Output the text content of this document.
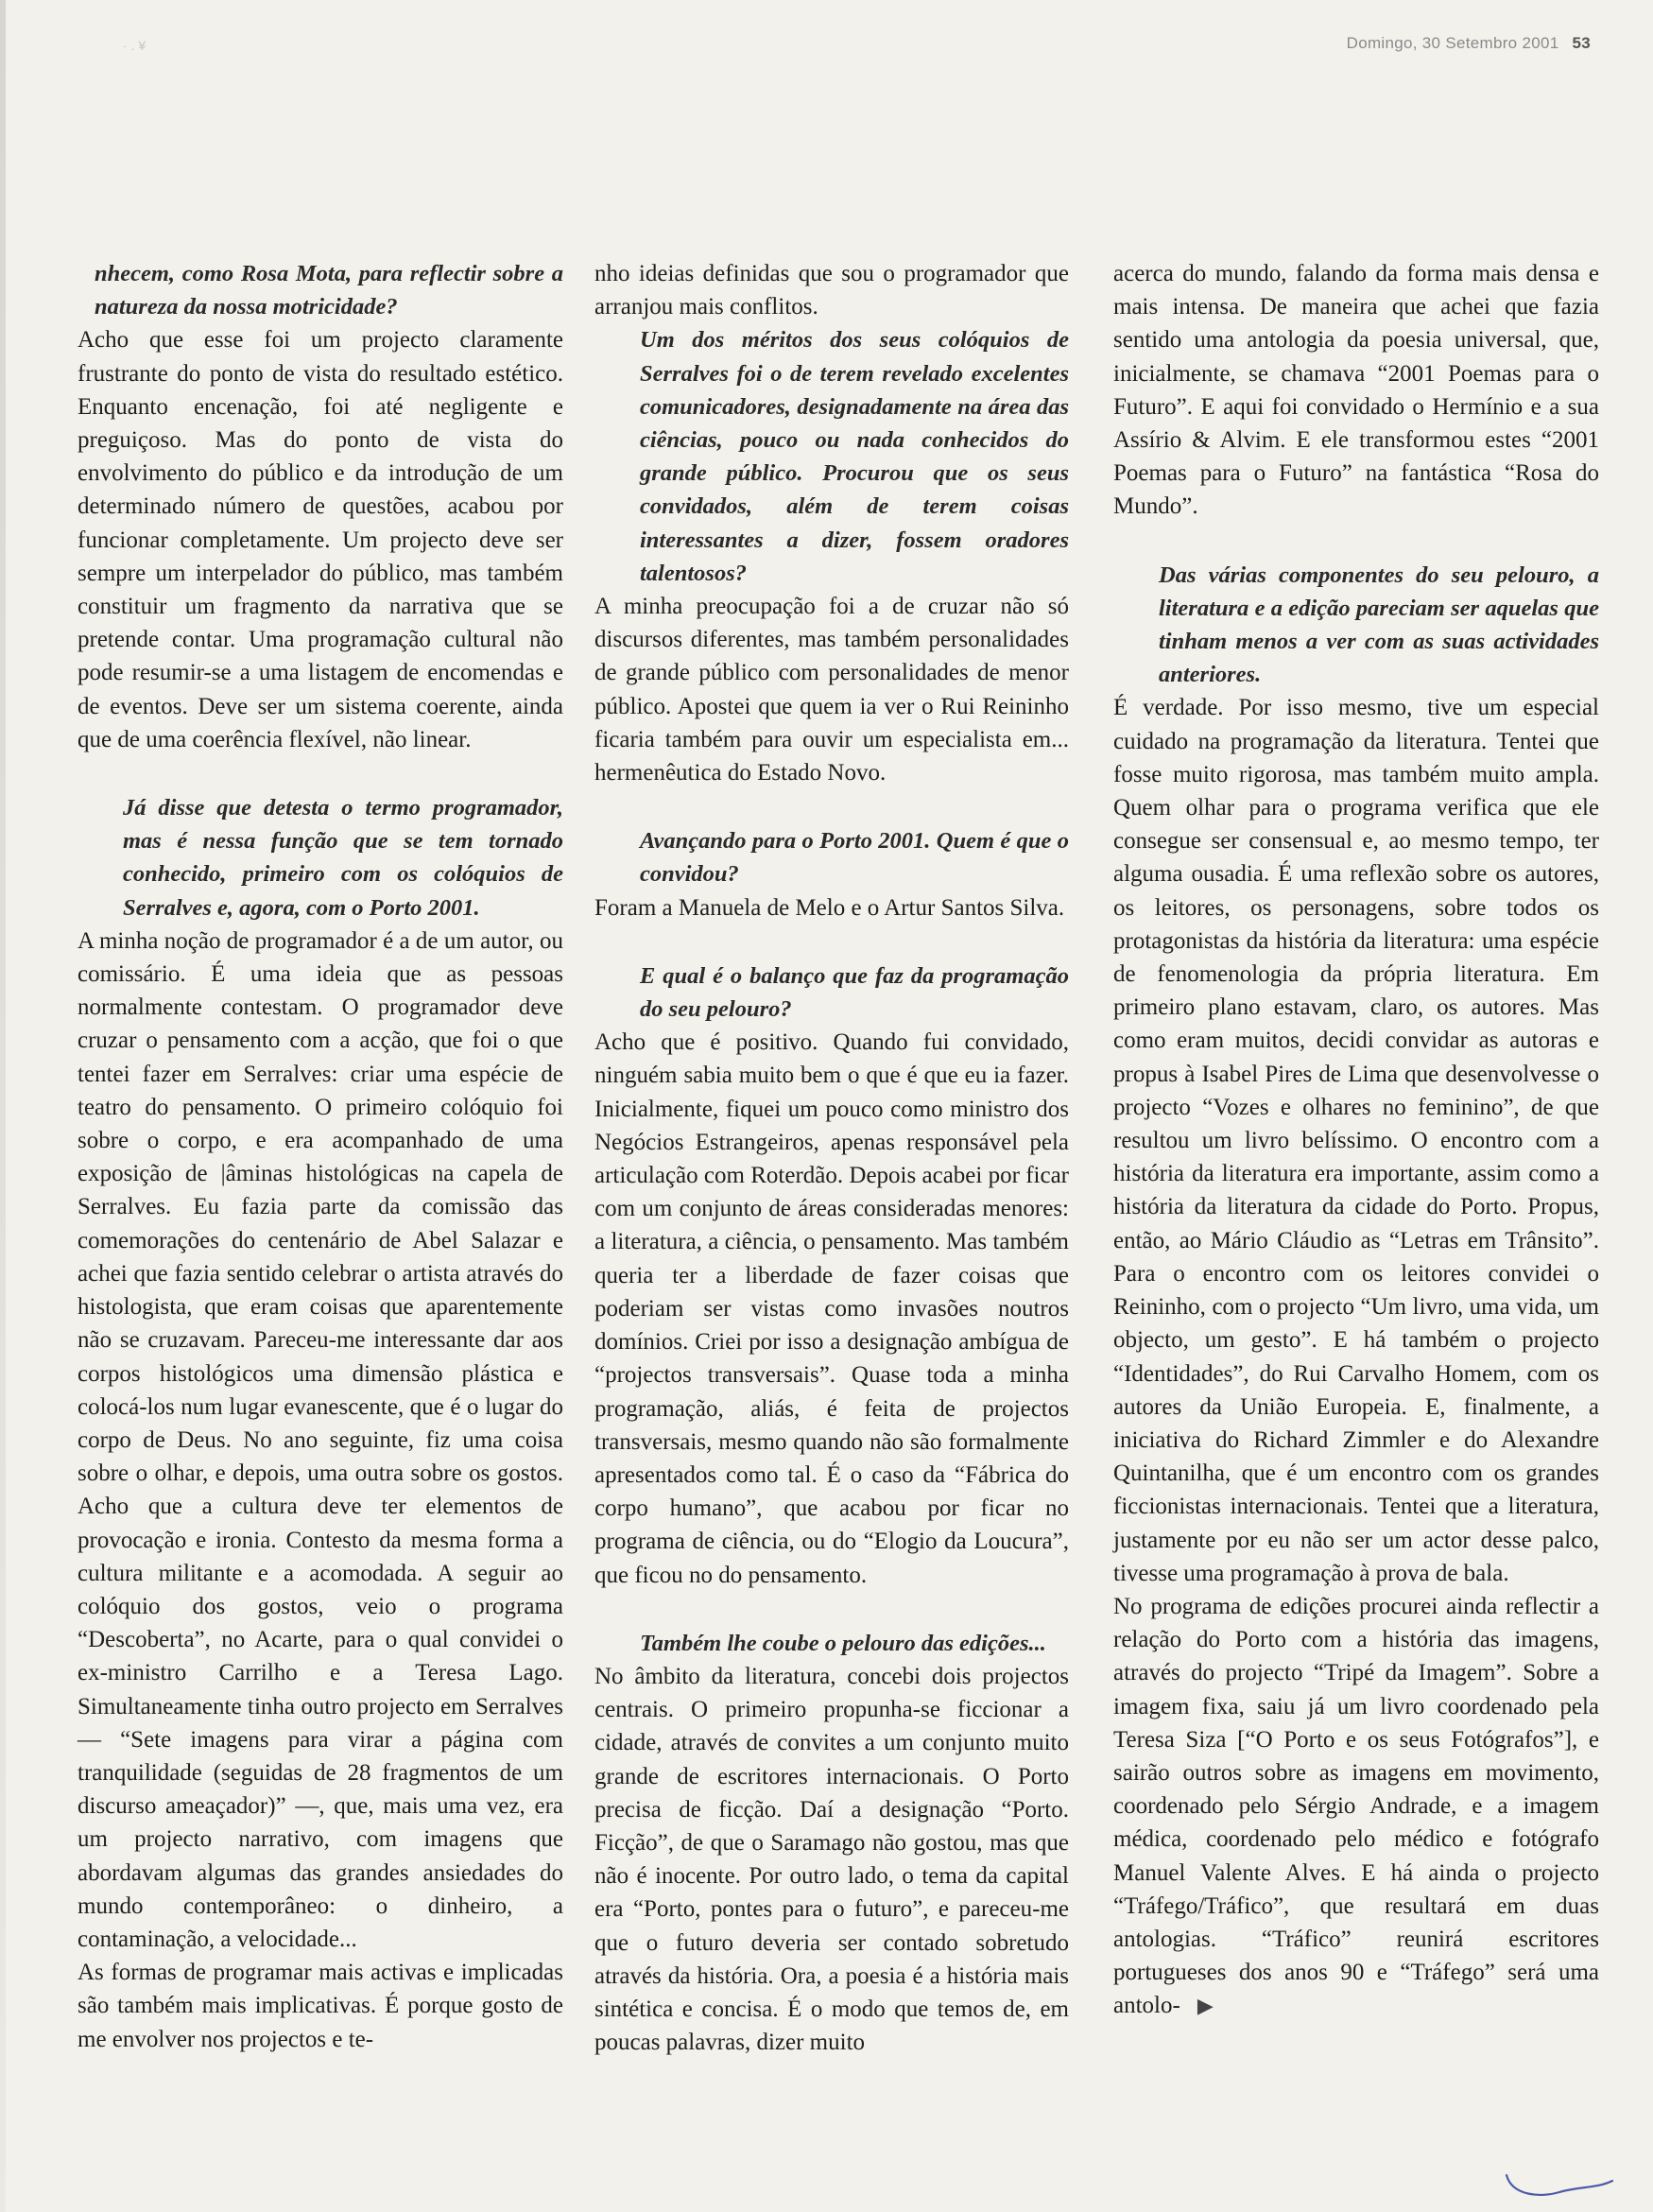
· . ¥	Domingo, 30 Setembro 2001 53

nhecem, como Rosa Mota, para reflectir sobre a natureza da nossa motricidade?

Acho que esse foi um projecto claramente frustrante do ponto de vista do resultado estético. Enquanto encenação, foi até negligente e preguiçoso. Mas do ponto de vista do envolvimento do público e da introdução de um determinado número de questões, acabou por funcionar completamente. Um projecto deve ser sempre um interpelador do público, mas também constituir um fragmento da narrativa que se pretende contar. Uma programação cultural não pode resumir-se a uma listagem de encomendas e de eventos. Deve ser um sistema coerente, ainda que de uma coerência flexível, não linear.

Já disse que detesta o termo programador, mas é nessa função que se tem tornado conhecido, primeiro com os colóquios de Serralves e, agora, com o Porto 2001.

A minha noção de programador é a de um autor, ou comissário. É uma ideia que as pessoas normalmente contestam. O programador deve cruzar o pensamento com a acção, que foi o que tentei fazer em Serralves: criar uma espécie de teatro do pensamento. O primeiro colóquio foi sobre o corpo, e era acompanhado de uma exposição de |âminas histológicas na capela de Serralves. Eu fazia parte da comissão das comemorações do centenário de Abel Salazar e achei que fazia sentido celebrar o artista através do histologista, que eram coisas que aparentemente não se cruzavam. Pareceu-me interessante dar aos corpos histológicos uma dimensão plástica e colocá-los num lugar evanescente, que é o lugar do corpo de Deus. No ano seguinte, fiz uma coisa sobre o olhar, e depois, uma outra sobre os gostos. Acho que a cultura deve ter elementos de provocação e ironia. Contesto da mesma forma a cultura militante e a acomodada. A seguir ao colóquio dos gostos, veio o programa “Descoberta”, no Acarte, para o qual convidei o ex-ministro Carrilho e a Teresa Lago. Simultaneamente tinha outro projecto em Serralves — “Sete imagens para virar a página com tranquilidade (seguidas de 28 fragmentos de um discurso ameaçador)” —, que, mais uma vez, era um projecto narrativo, com imagens que abordavam algumas das grandes ansiedades do mundo contemporâneo: o dinheiro, a contaminação, a velocidade...

As formas de programar mais activas e implicadas são também mais implicativas. É porque gosto de me envolver nos projectos e te-

nho ideias definidas que sou o programador que arranjou mais conflitos.

Um dos méritos dos seus colóquios de Serralves foi o de terem revelado excelentes comunicadores, designadamente na área das ciências, pouco ou nada conhecidos do grande público. Procurou que os seus convidados, além de terem coisas interessantes a dizer, fossem oradores talentosos?

A minha preocupação foi a de cruzar não só discursos diferentes, mas também personalidades de grande público com personalidades de menor público. Apostei que quem ia ver o Rui Reininho ficaria também para ouvir um especialista em... hermenêutica do Estado Novo.

Avançando para o Porto 2001. Quem é que o convidou?

Foram a Manuela de Melo e o Artur Santos Silva.

E qual é o balanço que faz da programação do seu pelouro?

Acho que é positivo. Quando fui convidado, ninguém sabia muito bem o que é que eu ia fazer. Inicialmente, fiquei um pouco como ministro dos Negócios Estrangeiros, apenas responsável pela articulação com Roterdão. Depois acabei por ficar com um conjunto de áreas consideradas menores: a literatura, a ciência, o pensamento. Mas também queria ter a liberdade de fazer coisas que poderiam ser vistas como invasões noutros domínios. Criei por isso a designação ambígua de “projectos transversais”. Quase toda a minha programação, aliás, é feita de projectos transversais, mesmo quando não são formalmente apresentados como tal. É o caso da “Fábrica do corpo humano”, que acabou por ficar no programa de ciência, ou do “Elogio da Loucura”, que ficou no do pensamento.

Também lhe coube o pelouro das edições...

No âmbito da literatura, concebi dois projectos centrais. O primeiro propunha-se ficcionar a cidade, através de convites a um conjunto muito grande de escritores internacionais. O Porto precisa de ficção. Daí a designação “Porto. Ficção”, de que o Saramago não gostou, mas que não é inocente. Por outro lado, o tema da capital era “Porto, pontes para o futuro”, e pareceu-me que o futuro deveria ser contado sobretudo através da história. Ora, a poesia é a história mais sintética e concisa. É o modo que temos de, em poucas palavras, dizer muito

acerca do mundo, falando da forma mais densa e mais intensa. De maneira que achei que fazia sentido uma antologia da poesia universal, que, inicialmente, se chamava “2001 Poemas para o Futuro”. E aqui foi convidado o Hermínio e a sua Assírio & Alvim. E ele transformou estes “2001 Poemas para o Futuro” na fantástica “Rosa do Mundo”.

Das várias componentes do seu pelouro, a literatura e a edição pareciam ser aquelas que tinham menos a ver com as suas actividades anteriores.

É verdade. Por isso mesmo, tive um especial cuidado na programação da literatura. Tentei que fosse muito rigorosa, mas também muito ampla. Quem olhar para o programa verifica que ele consegue ser consensual e, ao mesmo tempo, ter alguma ousadia. É uma reflexão sobre os autores, os leitores, os personagens, sobre todos os protagonistas da história da literatura: uma espécie de fenomenologia da própria literatura. Em primeiro plano estavam, claro, os autores. Mas como eram muitos, decidi convidar as autoras e propus à Isabel Pires de Lima que desenvolvesse o projecto “Vozes e olhares no feminino”, de que resultou um livro belíssimo. O encontro com a história da literatura era importante, assim como a história da literatura da cidade do Porto. Propus, então, ao Mário Cláudio as “Letras em Trânsito”. Para o encontro com os leitores convidei o Reininho, com o projecto “Um livro, uma vida, um objecto, um gesto”. E há também o projecto “Identidades”, do Rui Carvalho Homem, com os autores da União Europeia. E, finalmente, a iniciativa do Richard Zimmler e do Alexandre Quintanilha, que é um encontro com os grandes ficcionistas internacionais. Tentei que a literatura, justamente por eu não ser um actor desse palco, tivesse uma programação à prova de bala.

No programa de edições procurei ainda reflectir a relação do Porto com a história das imagens, através do projecto “Tripé da Imagem”. Sobre a imagem fixa, saiu já um livro coordenado pela Teresa Siza [“O Porto e os seus Fotógrafos”], e sairão outros sobre as imagens em movimento, coordenado pelo Sérgio Andrade, e a imagem médica, coordenado pelo médico e fotógrafo Manuel Valente Alves. E há ainda o projecto “Tráfego/Tráfico”, que resultará em duas antologias. “Tráfico” reunirá escritores portugueses dos anos 90 e “Tráfego” será uma antolo- ▶
